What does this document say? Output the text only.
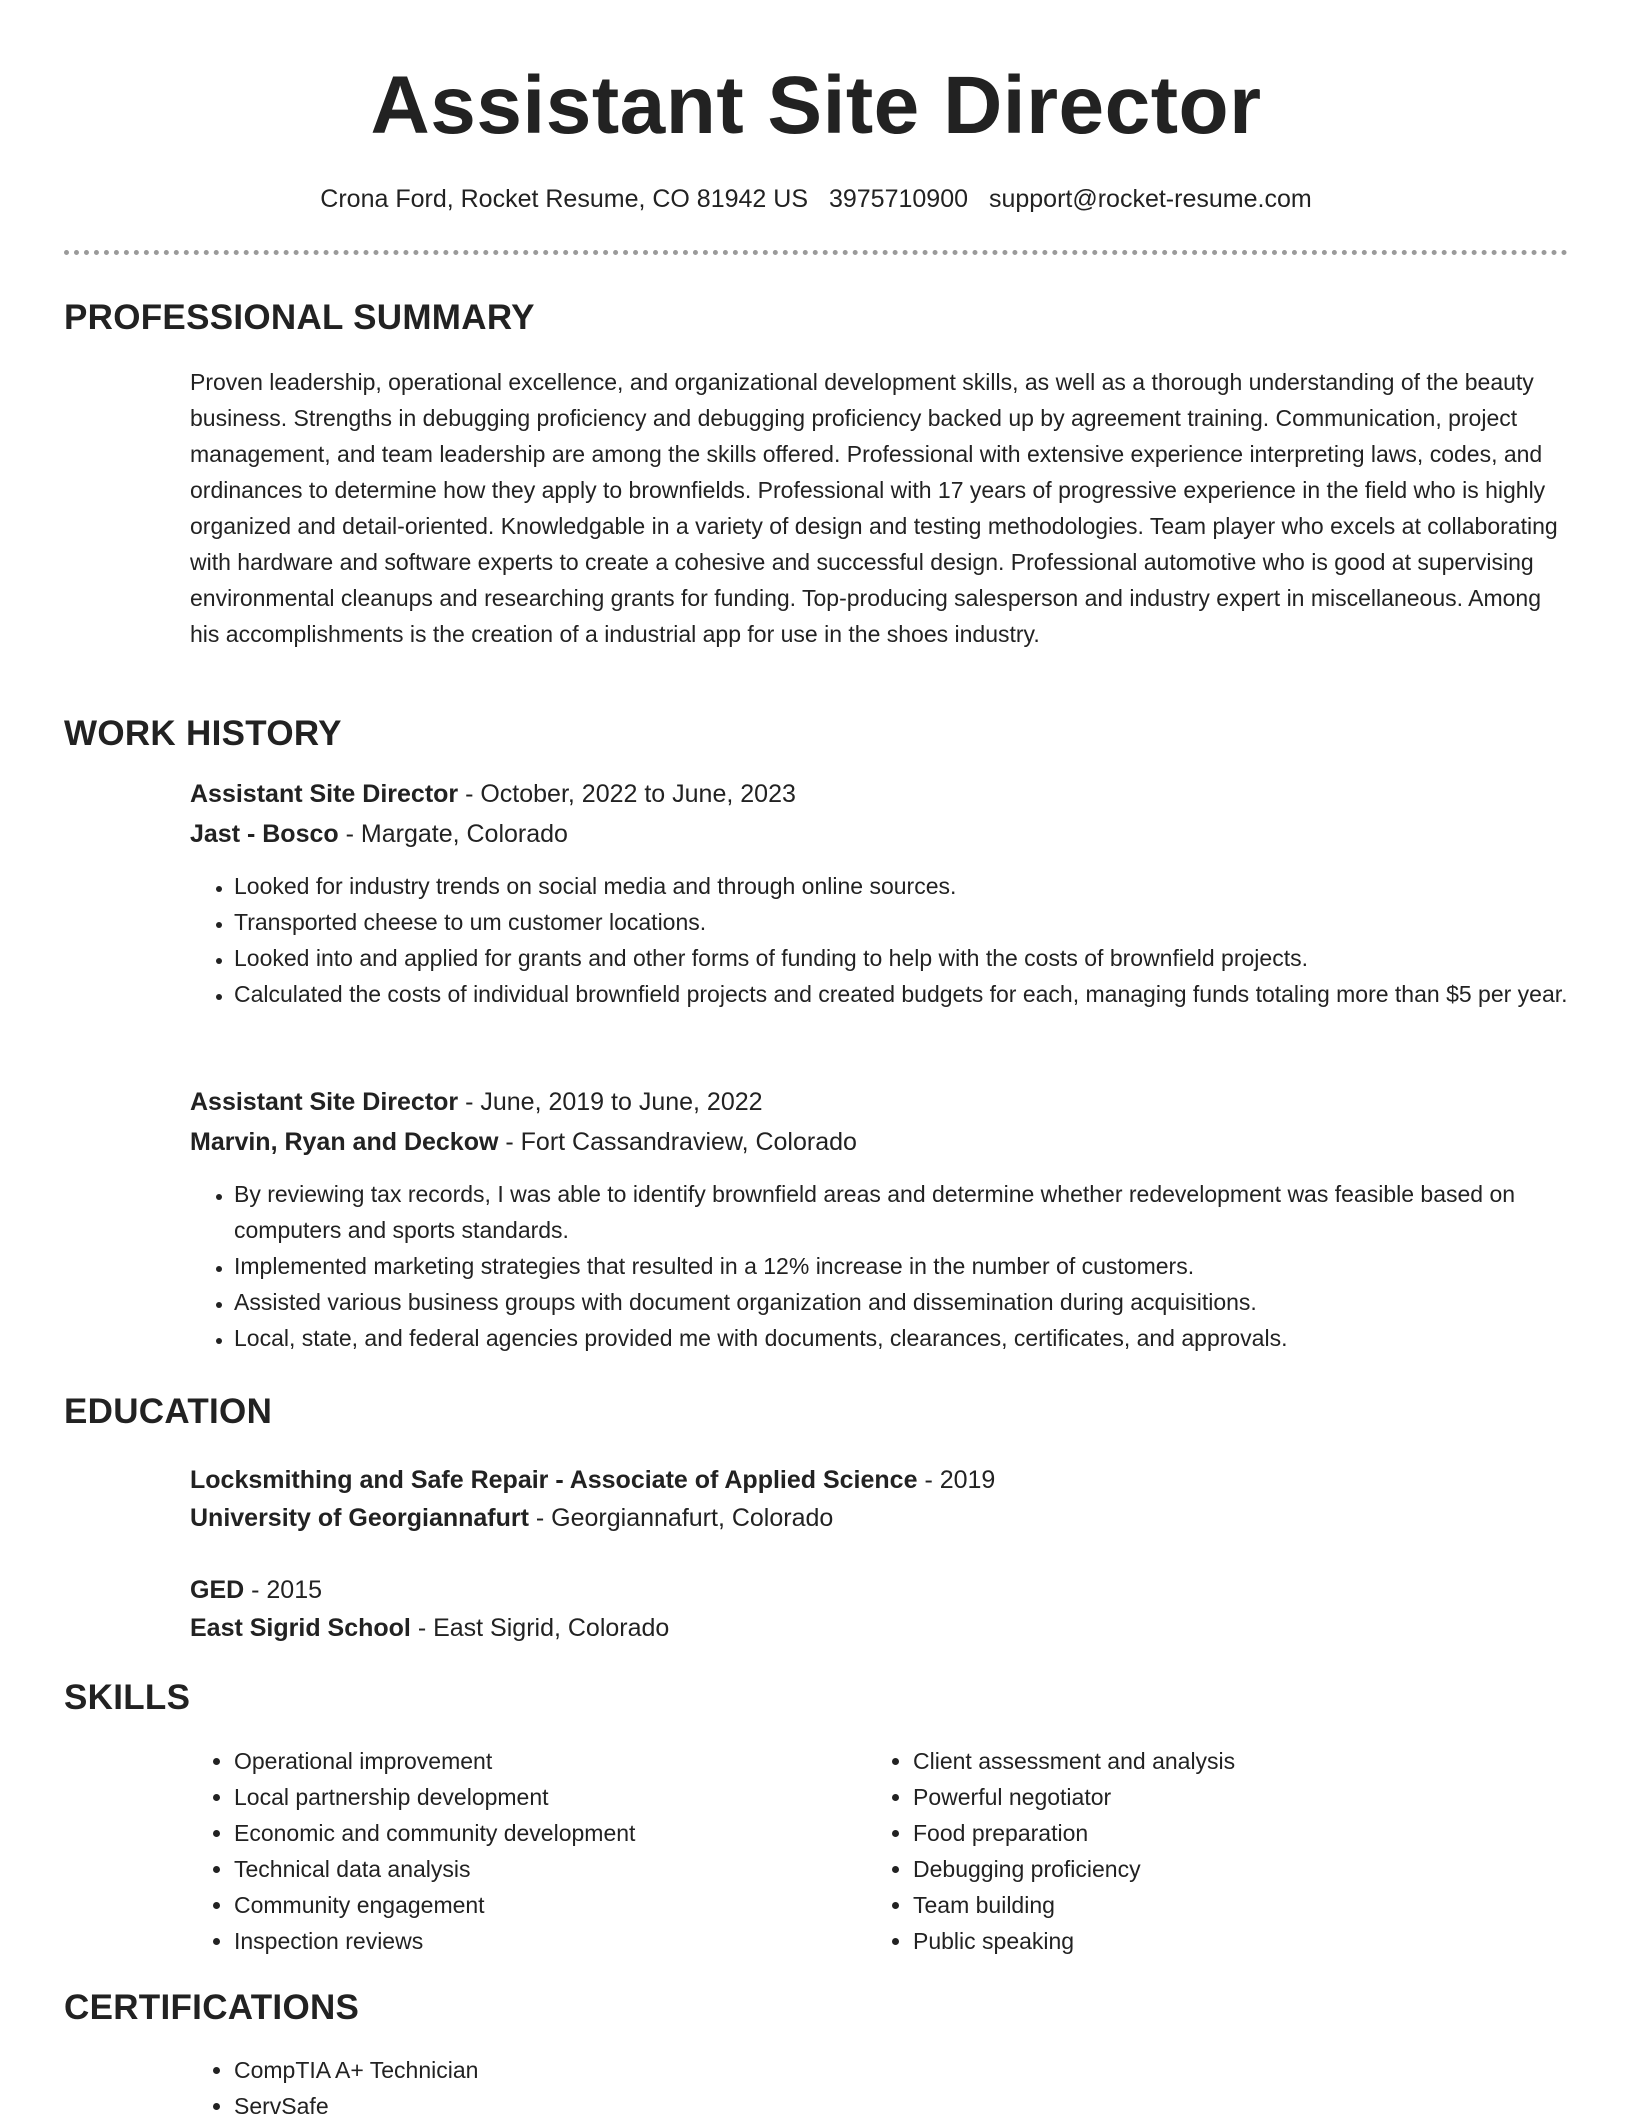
Assistant Site Director
Crona Ford, Rocket Resume, CO 81942 US 3975710900 support@rocket-resume.com
PROFESSIONAL SUMMARY
Proven leadership, operational excellence, and organizational development skills, as well as a thorough understanding of the beauty business. Strengths in debugging proficiency and debugging proficiency backed up by agreement training. Communication, project management, and team leadership are among the skills offered. Professional with extensive experience interpreting laws, codes, and ordinances to determine how they apply to brownfields. Professional with 17 years of progressive experience in the field who is highly organized and detail-oriented. Knowledgable in a variety of design and testing methodologies. Team player who excels at collaborating with hardware and software experts to create a cohesive and successful design. Professional automotive who is good at supervising environmental cleanups and researching grants for funding. Top-producing salesperson and industry expert in miscellaneous. Among his accomplishments is the creation of a industrial app for use in the shoes industry.
WORK HISTORY
Assistant Site Director - October, 2022 to June, 2023
Jast - Bosco - Margate, Colorado
• Looked for industry trends on social media and through online sources.
• Transported cheese to um customer locations.
• Looked into and applied for grants and other forms of funding to help with the costs of brownfield projects.
• Calculated the costs of individual brownfield projects and created budgets for each, managing funds totaling more than $5 per year.
Assistant Site Director - June, 2019 to June, 2022
Marvin, Ryan and Deckow - Fort Cassandraview, Colorado
• By reviewing tax records, I was able to identify brownfield areas and determine whether redevelopment was feasible based on computers and sports standards.
• Implemented marketing strategies that resulted in a 12% increase in the number of customers.
• Assisted various business groups with document organization and dissemination during acquisitions.
• Local, state, and federal agencies provided me with documents, clearances, certificates, and approvals.
EDUCATION
Locksmithing and Safe Repair - Associate of Applied Science - 2019
University of Georgiannafurt - Georgiannafurt, Colorado
GED - 2015
East Sigrid School - East Sigrid, Colorado
SKILLS
• Operational improvement
• Local partnership development
• Economic and community development
• Technical data analysis
• Community engagement
• Inspection reviews
• Client assessment and analysis
• Powerful negotiator
• Food preparation
• Debugging proficiency
• Team building
• Public speaking
CERTIFICATIONS
• CompTIA A+ Technician
• ServSafe
